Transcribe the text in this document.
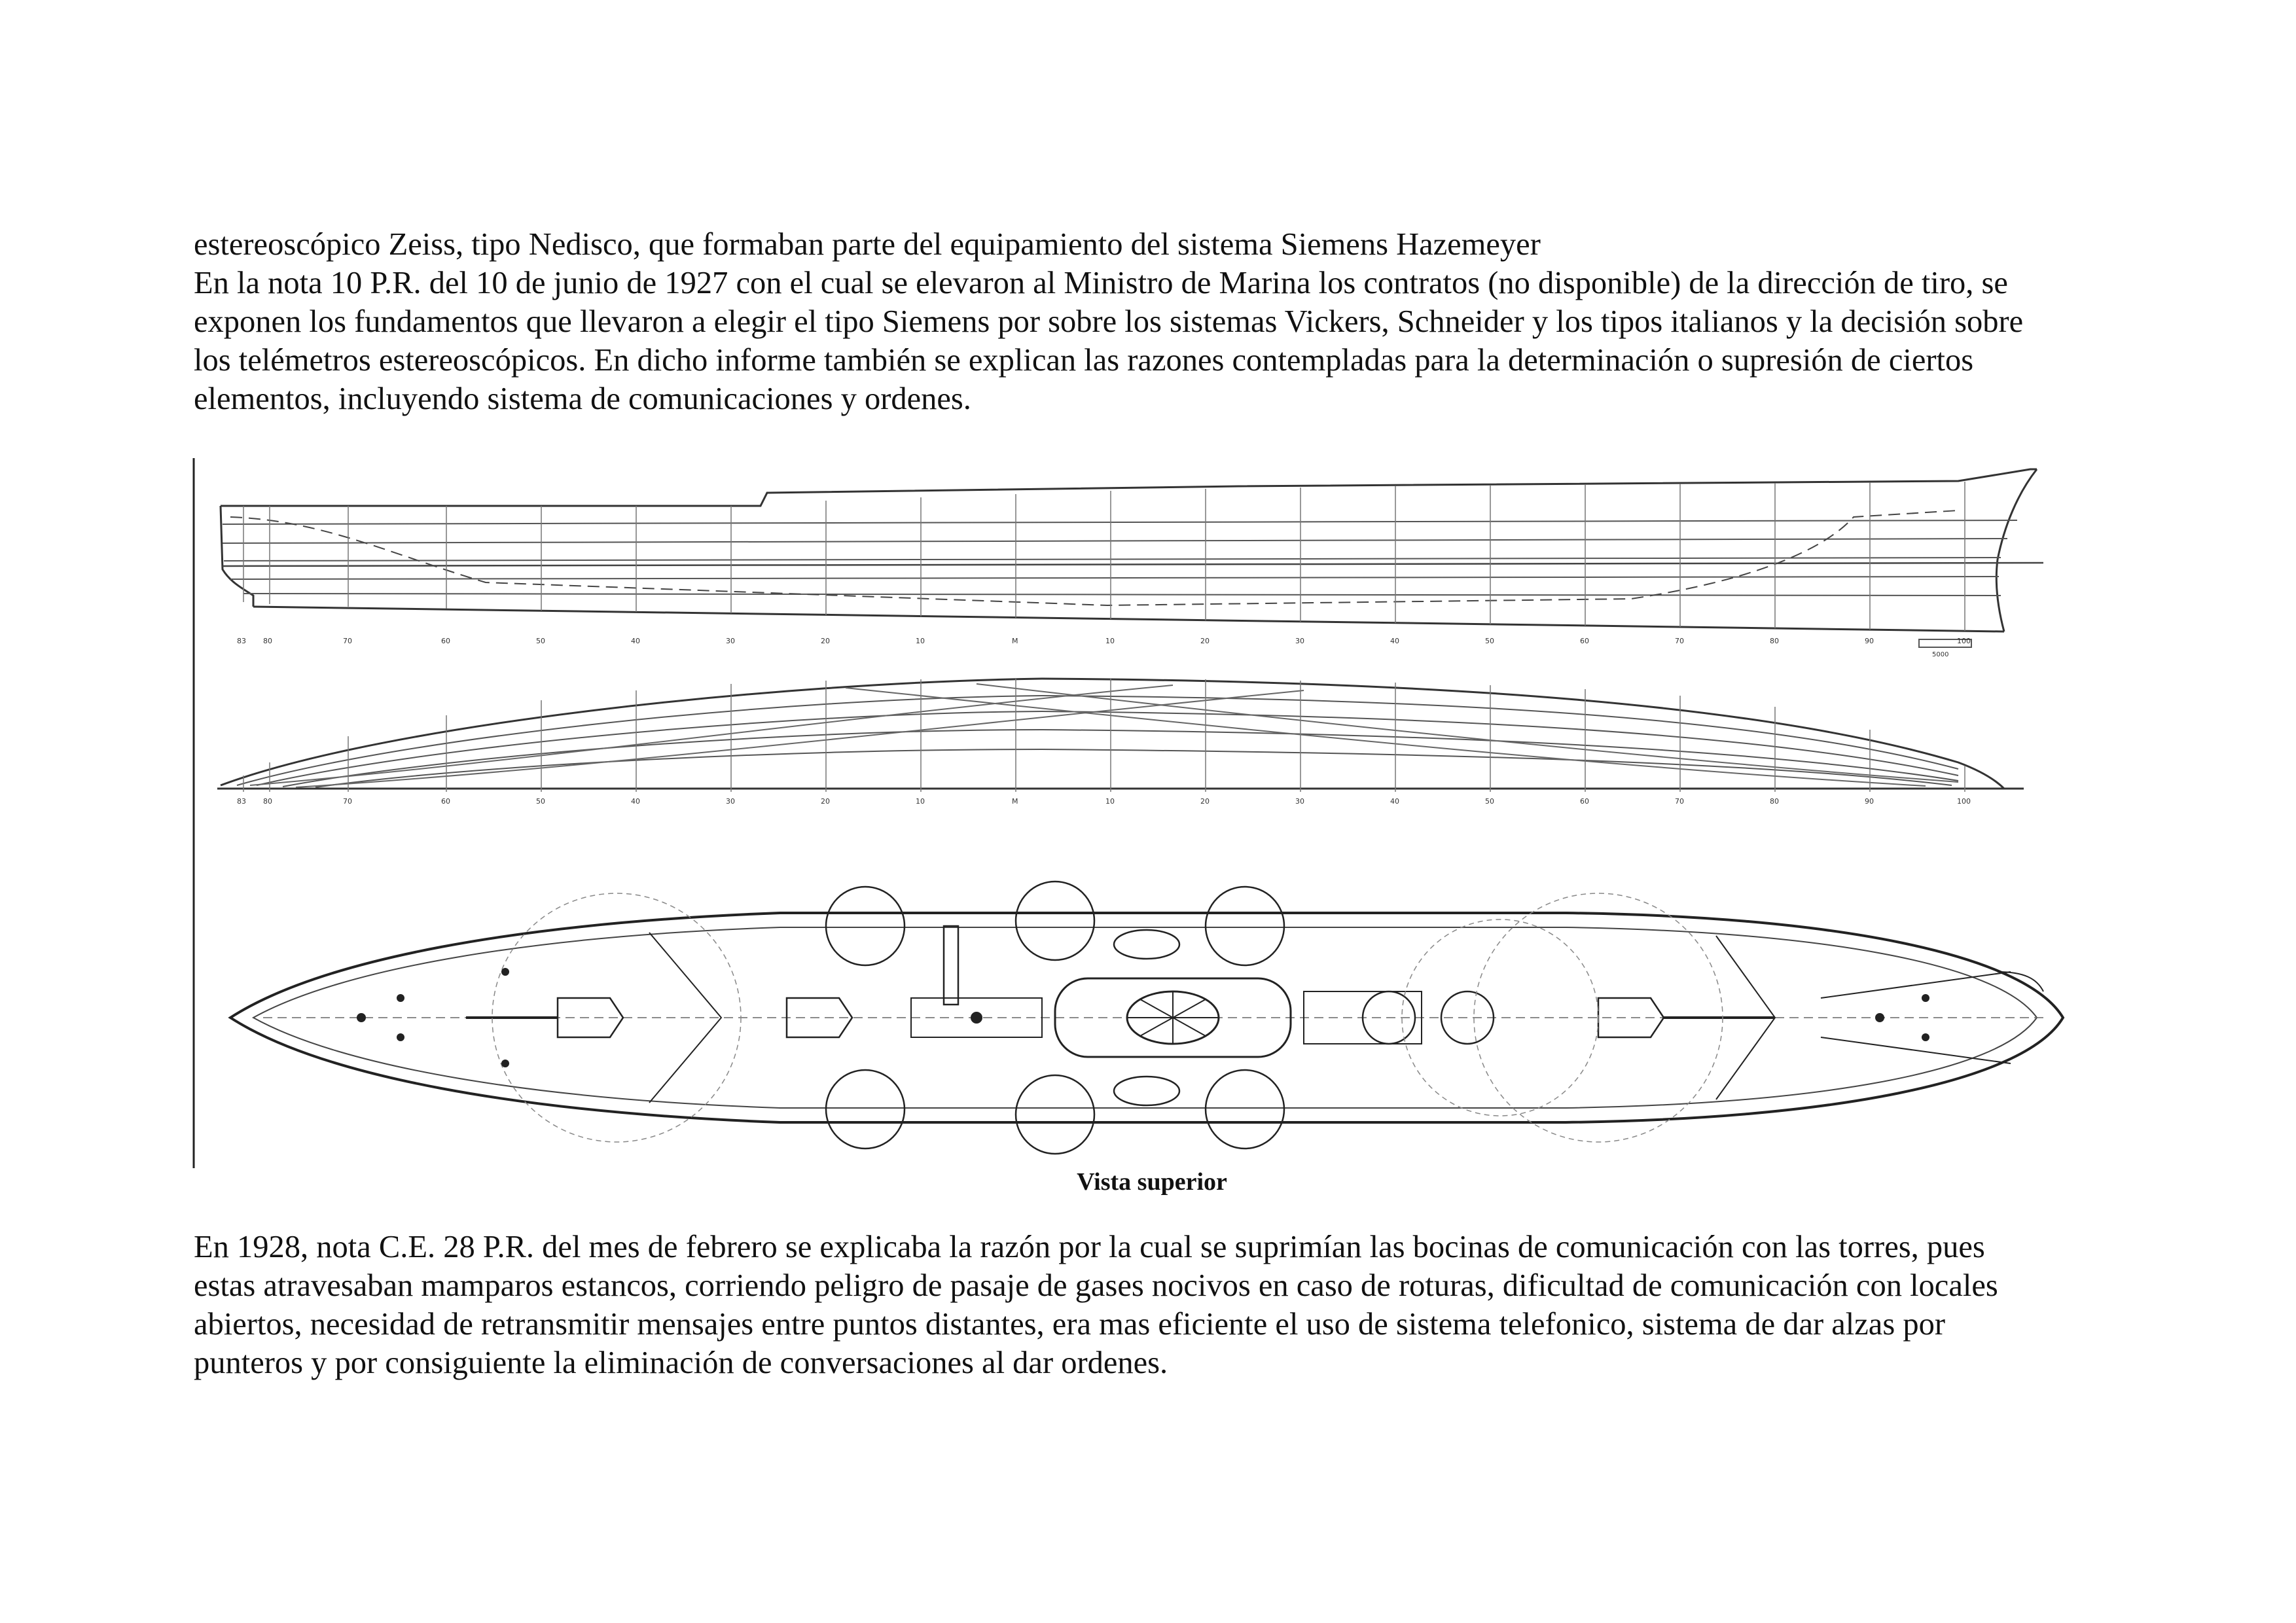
estereoscópico Zeiss, tipo Nedisco, que formaban parte del equipamiento del sistema Siemens Hazemeyer
En la nota 10 P.R. del 10 de junio de 1927 con el cual se elevaron al Ministro de Marina los contratos (no disponible) de la dirección de tiro, se
exponen los fundamentos que llevaron a elegir el tipo Siemens por sobre los sistemas Vickers, Schneider y los tipos italianos y la decisión sobre
los telémetros estereoscópicos. En dicho informe también se explican las razones contempladas para la determinación o supresión de ciertos
elementos, incluyendo sistema de comunicaciones y ordenes.
83 80	70	60	50	40	30	20	10	M	10	20	30	40	50	60	70	80	90	100
5000
83 80	70	60	50	40	30	20	10	M	10	20	30	40	50	60	70	80	90	100
Vista superior
En 1928, nota C.E. 28 P.R. del mes de febrero se explicaba la razón por la cual se suprimían las bocinas de comunicación con las torres, pues
estas atravesaban mamparos estancos, corriendo peligro de pasaje de gases nocivos en caso de roturas, dificultad de comunicación con locales
abiertos, necesidad de retransmitir mensajes entre puntos distantes, era mas eficiente el uso de sistema telefonico, sistema de dar alzas por
punteros y por consiguiente la eliminación de conversaciones al dar ordenes.
